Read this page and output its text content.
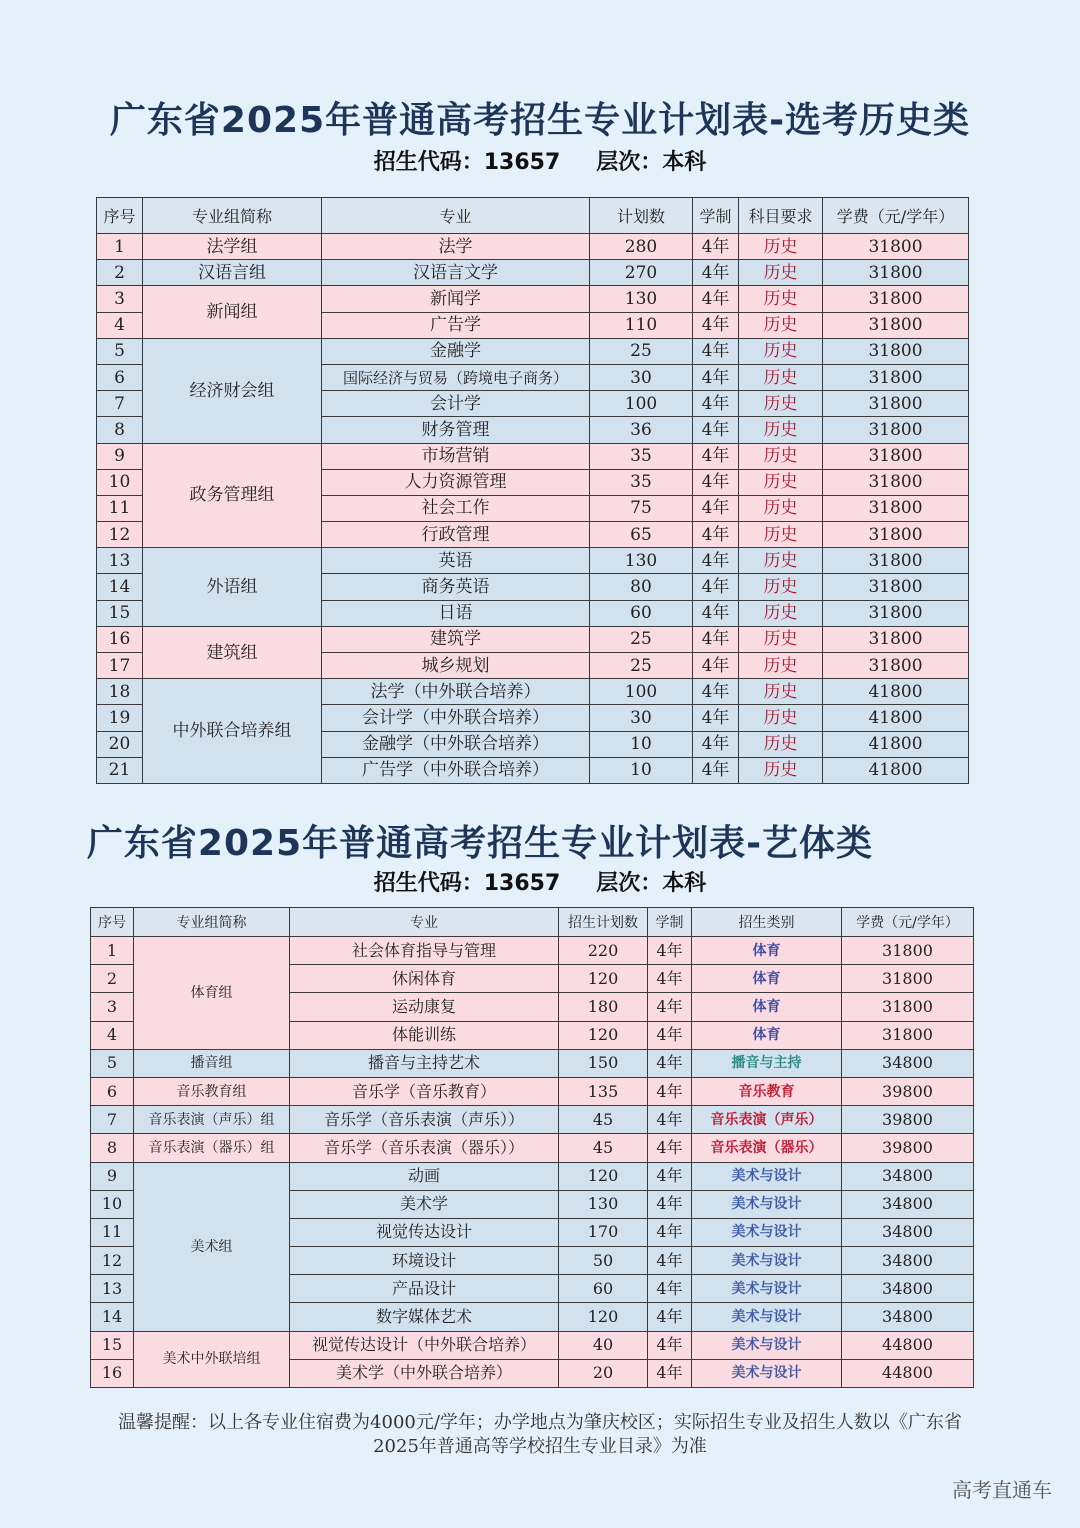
广东省2025年普通高考招生专业计划表-选考历史类
招生代码：13657 层次：本科
序号	专业组简称	专业	计划数	学制	科目要求	学费（元/学年）
1	法学组	法学	280	4年	历史	31800
2	汉语言组	汉语言文学	270	4年	历史	31800
3	新闻组	新闻学	130	4年	历史	31800
4		广告学	110	4年	历史	31800
5	经济财会组	金融学	25	4年	历史	31800
6		国际经济与贸易（跨境电子商务）	30	4年	历史	31800
7		会计学	100	4年	历史	31800
8		财务管理	36	4年	历史	31800
9	政务管理组	市场营销	35	4年	历史	31800
10		人力资源管理	35	4年	历史	31800
11		社会工作	75	4年	历史	31800
12		行政管理	65	4年	历史	31800
13	外语组	英语	130	4年	历史	31800
14		商务英语	80	4年	历史	31800
15		日语	60	4年	历史	31800
16	建筑组	建筑学	25	4年	历史	31800
17		城乡规划	25	4年	历史	31800
18	中外联合培养组	法学（中外联合培养）	100	4年	历史	41800
19		会计学（中外联合培养）	30	4年	历史	41800
20		金融学（中外联合培养）	10	4年	历史	41800
21		广告学（中外联合培养）	10	4年	历史	41800
广东省2025年普通高考招生专业计划表-艺体类
招生代码：13657 层次：本科
序号	专业组简称	专业	招生计划数	学制	招生类别	学费（元/学年）
1	体育组	社会体育指导与管理	220	4年	体育	31800
2		休闲体育	120	4年	体育	31800
3		运动康复	180	4年	体育	31800
4		体能训练	120	4年	体育	31800
5	播音组	播音与主持艺术	150	4年	播音与主持	34800
6	音乐教育组	音乐学（音乐教育）	135	4年	音乐教育	39800
7	音乐表演（声乐）组	音乐学（音乐表演（声乐））	45	4年	音乐表演（声乐）	39800
8	音乐表演（器乐）组	音乐学（音乐表演（器乐））	45	4年	音乐表演（器乐）	39800
9	美术组	动画	120	4年	美术与设计	34800
10		美术学	130	4年	美术与设计	34800
11		视觉传达设计	170	4年	美术与设计	34800
12		环境设计	50	4年	美术与设计	34800
13		产品设计	60	4年	美术与设计	34800
14		数字媒体艺术	120	4年	美术与设计	34800
15	美术中外联培组	视觉传达设计（中外联合培养）	40	4年	美术与设计	44800
16		美术学（中外联合培养）	20	4年	美术与设计	44800
温馨提醒：以上各专业住宿费为4000元/学年；办学地点为肇庆校区；实际招生专业及招生人数以《广东省
2025年普通高等学校招生专业目录》为准
高考直通车
